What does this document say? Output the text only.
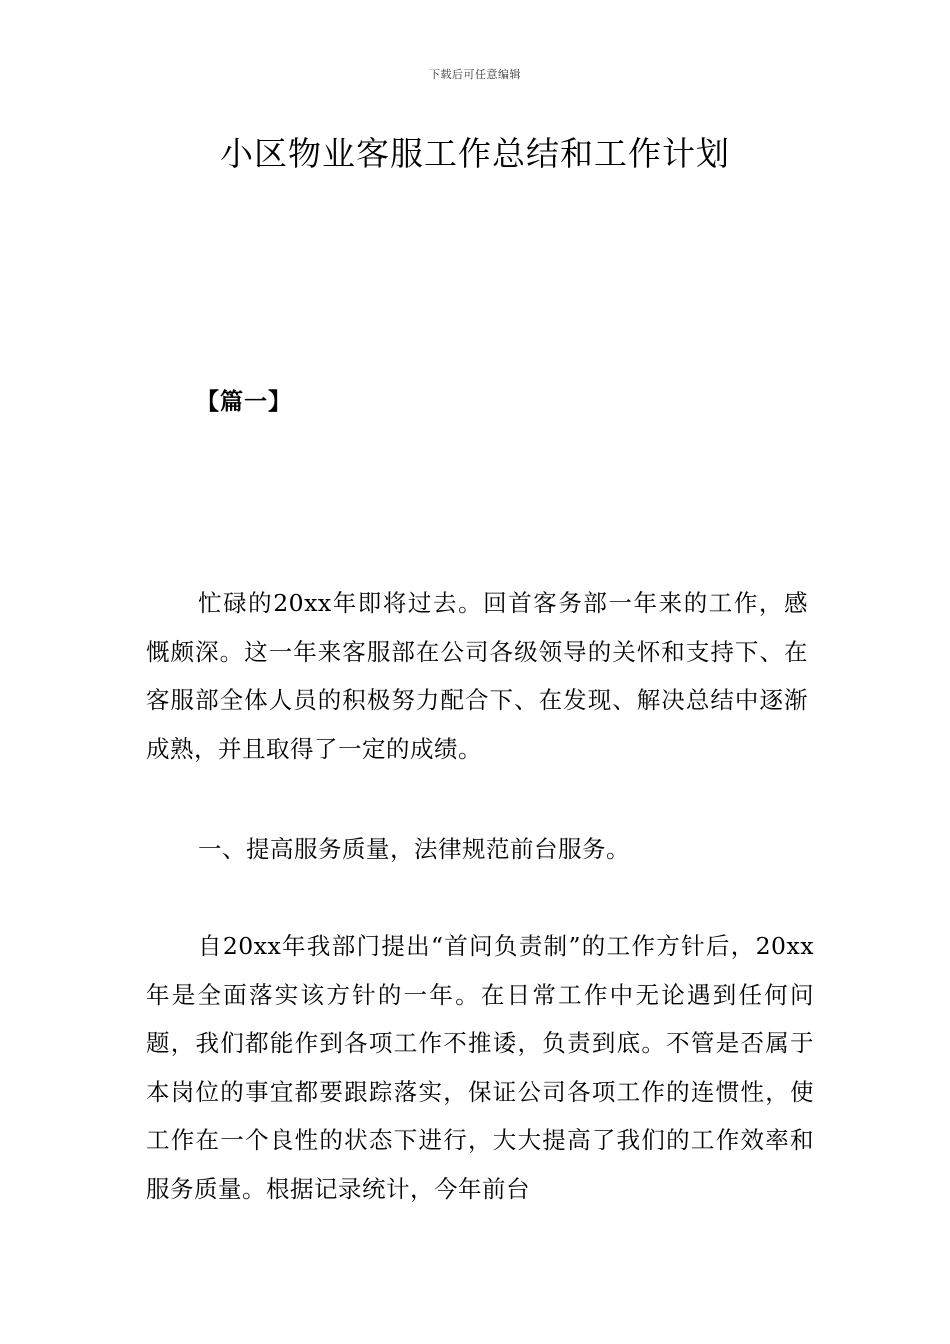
下载后可任意编辑
小区物业客服工作总结和工作计划
【篇一】

忙碌的20xx年即将过去。回首客务部一年来的工作，感慨颇深。这一年来客服部在公司各级领导的关怀和支持下、在客服部全体人员的积极努力配合下、在发现、解决总结中逐渐成熟，并且取得了一定的成绩。

一、提高服务质量，法律规范前台服务。

自20xx年我部门提出“首问负责制”的工作方针后，20xx年是全面落实该方针的一年。在日常工作中无论遇到任何问题，我们都能作到各项工作不推诿，负责到底。不管是否属于本岗位的事宜都要跟踪落实，保证公司各项工作的连惯性，使工作在一个良性的状态下进行，大大提高了我们的工作效率和服务质量。根据记录统计，今年前台
